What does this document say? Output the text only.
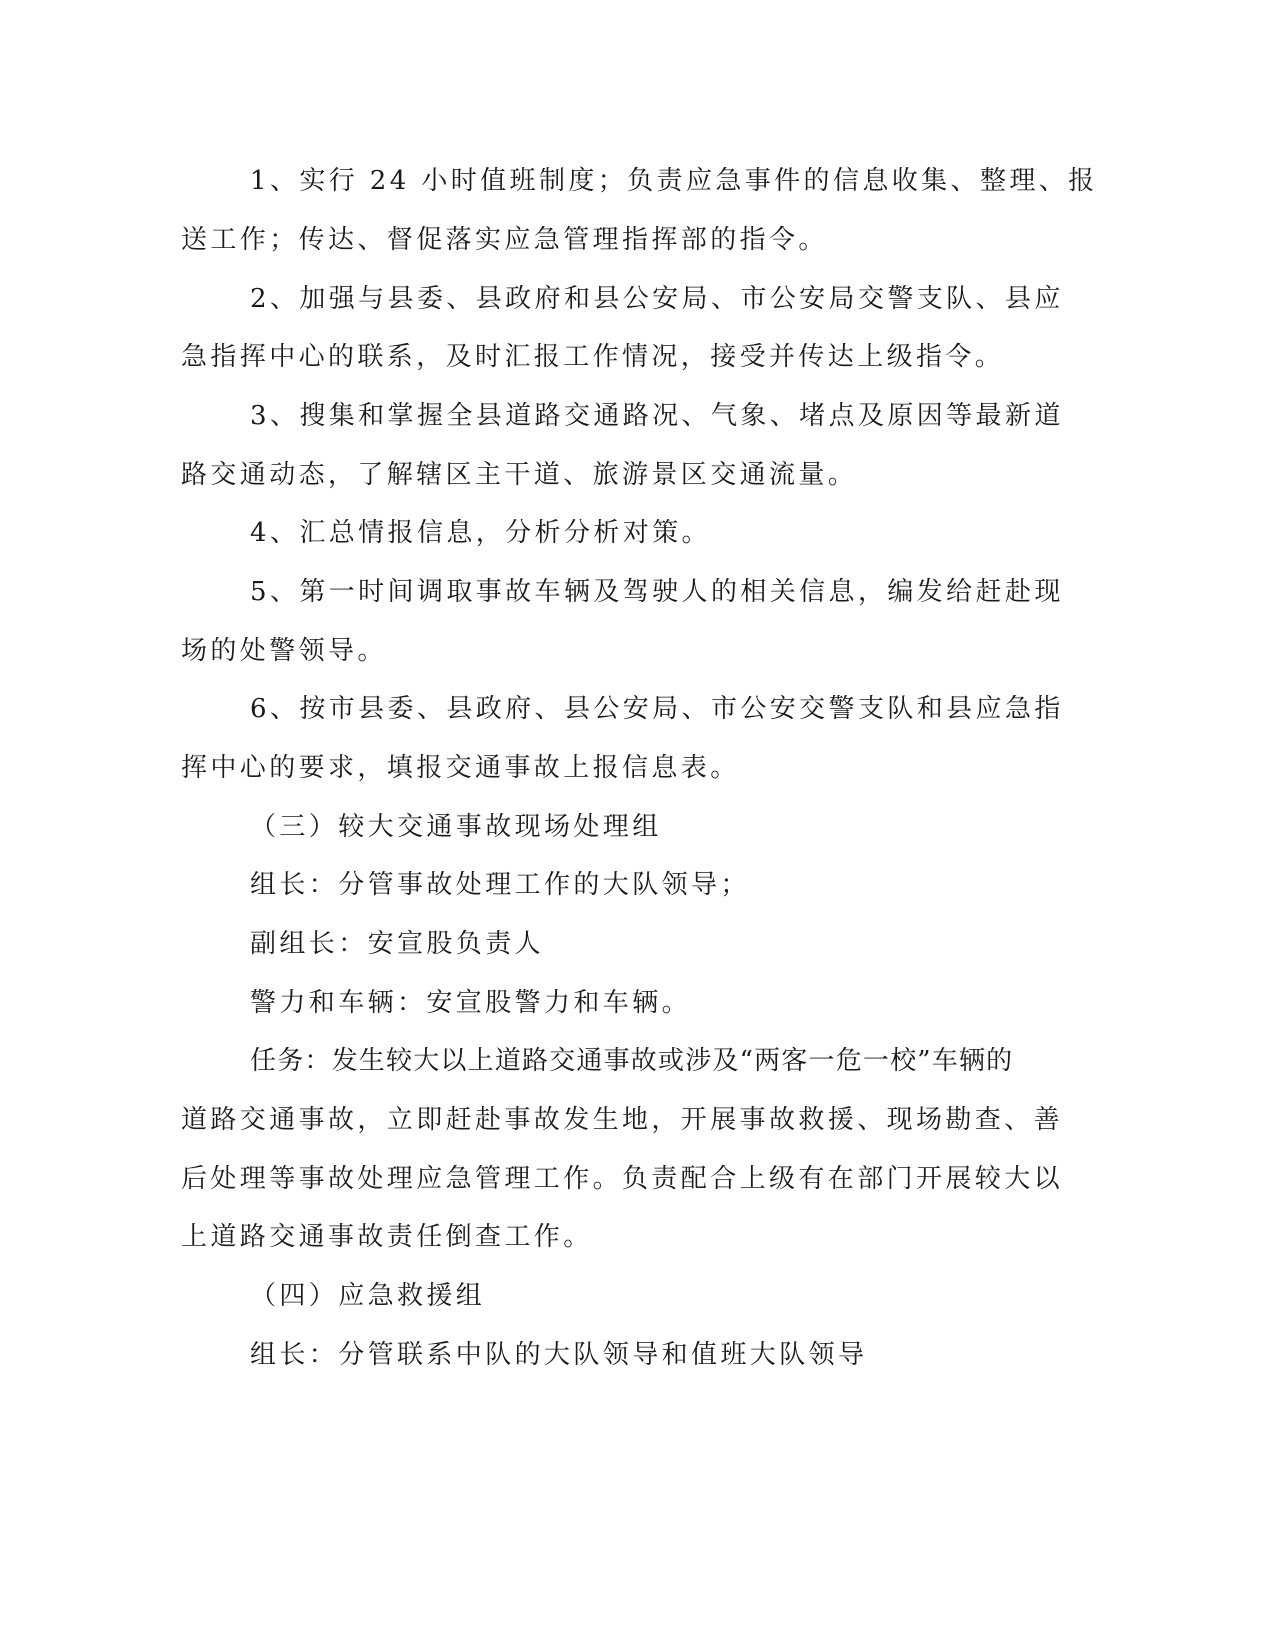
1、实行 24 小时值班制度；负责应急事件的信息收集、整理、报

送工作；传达、督促落实应急管理指挥部的指令。

2、加强与县委、县政府和县公安局、市公安局交警支队、县应

急指挥中心的联系，及时汇报工作情况，接受并传达上级指令。

3、搜集和掌握全县道路交通路况、气象、堵点及原因等最新道

路交通动态，了解辖区主干道、旅游景区交通流量。

4、汇总情报信息，分析分析对策。

5、第一时间调取事故车辆及驾驶人的相关信息，编发给赶赴现

场的处警领导。

6、按市县委、县政府、县公安局、市公安交警支队和县应急指

挥中心的要求，填报交通事故上报信息表。

（三）较大交通事故现场处理组

组长：分管事故处理工作的大队领导；

副组长：安宣股负责人

警力和车辆：安宣股警力和车辆。

任务：发生较大以上道路交通事故或涉及“两客一危一校”车辆的

道路交通事故，立即赶赴事故发生地，开展事故救援、现场勘查、善

后处理等事故处理应急管理工作。负责配合上级有在部门开展较大以

上道路交通事故责任倒查工作。

（四）应急救援组

组长：分管联系中队的大队领导和值班大队领导
